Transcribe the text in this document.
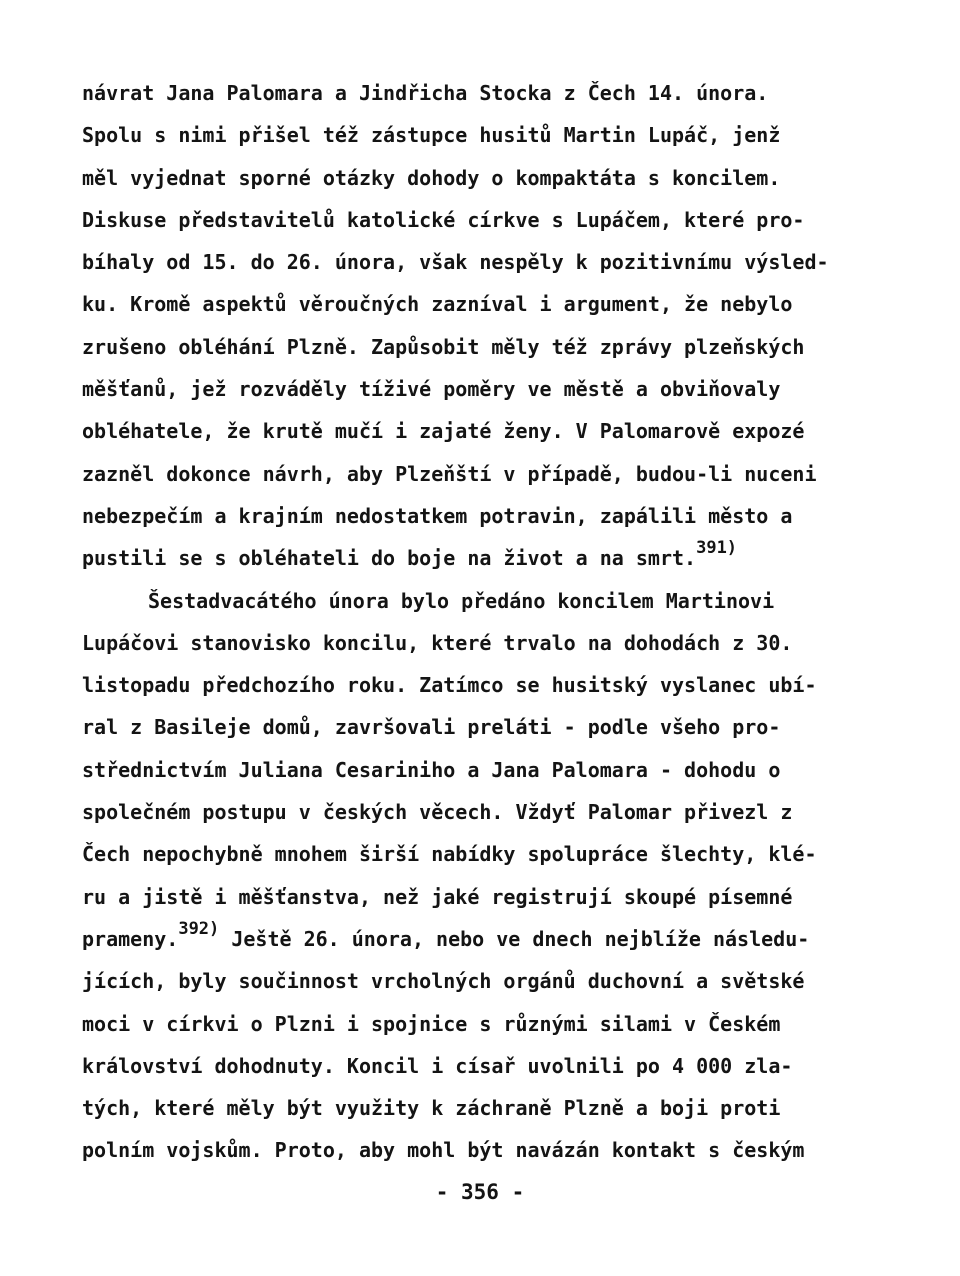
návrat Jana Palomara a Jindřicha Stocka z Čech 14. února.
Spolu s nimi přišel též zástupce husitů Martin Lupáč, jenž
měl vyjednat sporné otázky dohody o kompaktáta s koncilem.
Diskuse představitelů katolické církve s Lupáčem, které pro-
bíhaly od 15. do 26. února, však nespěly k pozitivnímu výsled-
ku. Kromě aspektů věroučných zazníval i argument, že nebylo
zrušeno obléhání Plzně. Zapůsobit měly též zprávy plzeňských
měšťanů, jež rozváděly tíživé poměry ve městě a obviňovaly
obléhatele, že krutě mučí i zajaté ženy. V Palomarově expozé
zazněl dokonce návrh, aby Plzeňští v případě, budou-li nuceni
nebezpečím a krajním nedostatkem potravin, zapálili město a
pustili se s obléhateli do boje na život a na smrt.$^{391)}$
Šestadvacátého února bylo předáno koncilem Martinovi
Lupáčovi stanovisko koncilu, které trvalo na dohodách z 30.
listopadu předchozího roku. Zatímco se husitský vyslanec ubí-
ral z Basileje domů, završovali preláti - podle všeho pro-
střednictvím Juliana Cesariniho a Jana Palomara - dohodu o
společném postupu v českých věcech. Vždyť Palomar přivezl z
Čech nepochybně mnohem širší nabídky spolupráce šlechty, klé-
ru a jistě i měšťanstva, než jaké registrují skoupé písemné
prameny.$^{392)}$ Ještě 26. února, nebo ve dnech nejblíže následu-
jících, byly součinnost vrcholných orgánů duchovní a světské
moci v církvi o Plzni i spojnice s různými silami v Českém
království dohodnuty. Koncil i císař uvolnili po 4 000 zla-
tých, které měly být využity k záchraně Plzně a boji proti
polním vojskům. Proto, aby mohl být navázán kontakt s českým
- 356 -
